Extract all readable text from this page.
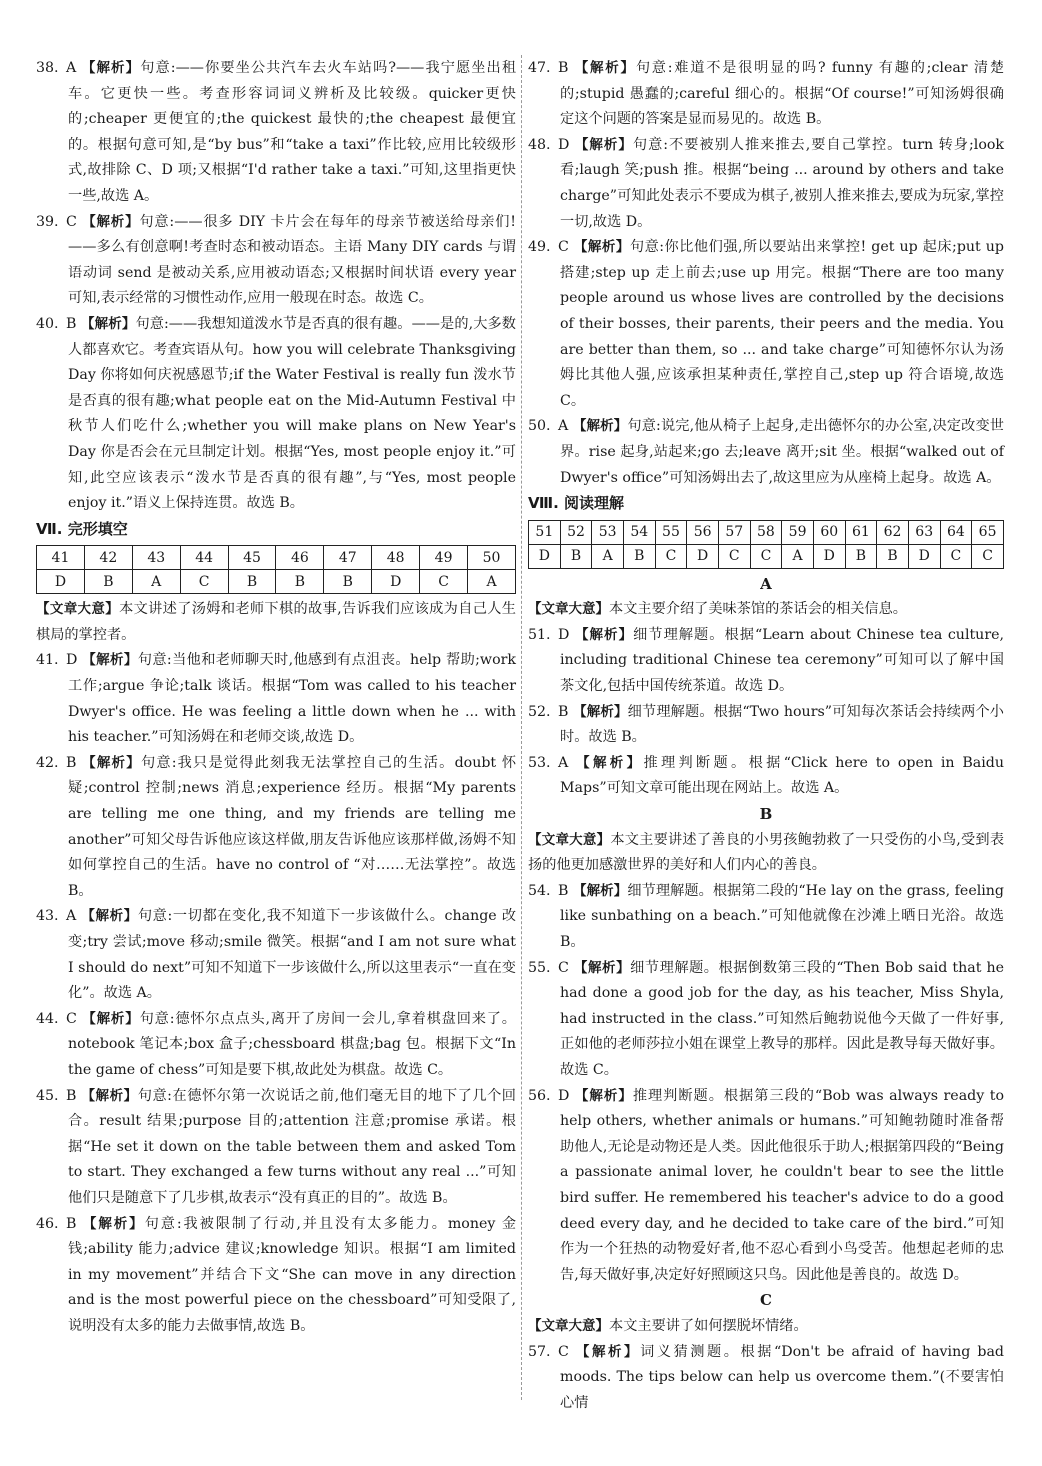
38. A 【解析】句意:——你要坐公共汽车去火车站吗?——我宁愿坐出租车。它更快一些。考查形容词词义辨析及比较级。quicker更快的;cheaper 更便宜的;the quickest 最快的;the cheapest 最便宜的。根据句意可知,是“by bus”和“take a taxi”作比较,应用比较级形式,故排除 C、D 项;又根据“I'd rather take a taxi.”可知,这里指更快一些,故选 A。

39. C 【解析】句意:——很多 DIY 卡片会在每年的母亲节被送给母亲们!——多么有创意啊!考查时态和被动语态。主语 Many DIY cards 与谓语动词 send 是被动关系,应用被动语态;又根据时间状语 every year 可知,表示经常的习惯性动作,应用一般现在时态。故选 C。

40. B 【解析】句意:——我想知道泼水节是否真的很有趣。——是的,大多数人都喜欢它。考查宾语从句。how you will celebrate Thanksgiving Day 你将如何庆祝感恩节;if the Water Festival is really fun 泼水节是否真的很有趣;what people eat on the Mid-Autumn Festival 中秋节人们吃什么;whether you will make plans on New Year's Day 你是否会在元旦制定计划。根据“Yes, most people enjoy it.”可知,此空应该表示“泼水节是否真的很有趣”,与“Yes, most people enjoy it.”语义上保持连贯。故选 B。

Ⅶ. 完形填空

41	42	43	44	45	46	47	48	49	50
D	B	A	C	B	B	B	D	C	A

【文章大意】本文讲述了汤姆和老师下棋的故事,告诉我们应该成为自己人生棋局的掌控者。

41. D 【解析】句意:当他和老师聊天时,他感到有点沮丧。help 帮助;work 工作;argue 争论;talk 谈话。根据“Tom was called to his teacher Dwyer's office. He was feeling a little down when he ... with his teacher.”可知汤姆在和老师交谈,故选 D。

42. B 【解析】句意:我只是觉得此刻我无法掌控自己的生活。doubt 怀疑;control 控制;news 消息;experience 经历。根据“My parents are telling me one thing, and my friends are telling me another”可知父母告诉他应该这样做,朋友告诉他应该那样做,汤姆不知如何掌控自己的生活。have no control of “对……无法掌控”。故选 B。

43. A 【解析】句意:一切都在变化,我不知道下一步该做什么。change 改变;try 尝试;move 移动;smile 微笑。根据“and I am not sure what I should do next”可知不知道下一步该做什么,所以这里表示“一直在变化”。故选 A。

44. C 【解析】句意:德怀尔点点头,离开了房间一会儿,拿着棋盘回来了。notebook 笔记本;box 盒子;chessboard 棋盘;bag 包。根据下文“In the game of chess”可知是要下棋,故此处为棋盘。故选 C。

45. B 【解析】句意:在德怀尔第一次说话之前,他们毫无目的地下了几个回合。result 结果;purpose 目的;attention 注意;promise 承诺。根据“He set it down on the table between them and asked Tom to start. They exchanged a few turns without any real ...”可知他们只是随意下了几步棋,故表示“没有真正的目的”。故选 B。

46. B 【解析】句意:我被限制了行动,并且没有太多能力。money 金钱;ability 能力;advice 建议;knowledge 知识。根据“I am limited in my movement”并结合下文“She can move in any direction and is the most powerful piece on the chessboard”可知受限了,说明没有太多的能力去做事情,故选 B。

47. B 【解析】句意:难道不是很明显的吗? funny 有趣的;clear 清楚的;stupid 愚蠢的;careful 细心的。根据“Of course!”可知汤姆很确定这个问题的答案是显而易见的。故选 B。

48. D 【解析】句意:不要被别人推来推去,要自己掌控。turn 转身;look 看;laugh 笑;push 推。根据“being ... around by others and take charge”可知此处表示不要成为棋子,被别人推来推去,要成为玩家,掌控一切,故选 D。

49. C 【解析】句意:你比他们强,所以要站出来掌控! get up 起床;put up 搭建;step up 走上前去;use up 用完。根据“There are too many people around us whose lives are controlled by the decisions of their bosses, their parents, their peers and the media. You are better than them, so ... and take charge”可知德怀尔认为汤姆比其他人强,应该承担某种责任,掌控自己,step up 符合语境,故选 C。

50. A 【解析】句意:说完,他从椅子上起身,走出德怀尔的办公室,决定改变世界。rise 起身,站起来;go 去;leave 离开;sit 坐。根据“walked out of Dwyer's office”可知汤姆出去了,故这里应为从座椅上起身。故选 A。

Ⅷ. 阅读理解

51	52	53	54	55	56	57	58	59	60	61	62	63	64	65
D	B	A	B	C	D	C	C	A	D	B	B	D	C	C

A

【文章大意】本文主要介绍了美味茶馆的茶话会的相关信息。

51. D 【解析】细节理解题。根据“Learn about Chinese tea culture, including traditional Chinese tea ceremony”可知可以了解中国茶文化,包括中国传统茶道。故选 D。

52. B 【解析】细节理解题。根据“Two hours”可知每次茶话会持续两个小时。故选 B。

53. A 【解析】推理判断题。根据“Click here to open in Baidu Maps”可知文章可能出现在网站上。故选 A。

B

【文章大意】本文主要讲述了善良的小男孩鲍勃救了一只受伤的小鸟,受到表扬的他更加感激世界的美好和人们内心的善良。

54. B 【解析】细节理解题。根据第二段的“He lay on the grass, feeling like sunbathing on a beach.”可知他就像在沙滩上晒日光浴。故选 B。

55. C 【解析】细节理解题。根据倒数第三段的“Then Bob said that he had done a good job for the day, as his teacher, Miss Shyla, had instructed in the class.”可知然后鲍勃说他今天做了一件好事,正如他的老师莎拉小姐在课堂上教导的那样。因此是教导每天做好事。故选 C。

56. D 【解析】推理判断题。根据第三段的“Bob was always ready to help others, whether animals or humans.”可知鲍勃随时准备帮助他人,无论是动物还是人类。因此他很乐于助人;根据第四段的“Being a passionate animal lover, he couldn't bear to see the little bird suffer. He remembered his teacher's advice to do a good deed every day, and he decided to take care of the bird.”可知作为一个狂热的动物爱好者,他不忍心看到小鸟受苦。他想起老师的忠告,每天做好事,决定好好照顾这只鸟。因此他是善良的。故选 D。

C

【文章大意】本文主要讲了如何摆脱坏情绪。

57. C 【解析】词义猜测题。根据“Don't be afraid of having bad moods. The tips below can help us overcome them.”(不要害怕心情
